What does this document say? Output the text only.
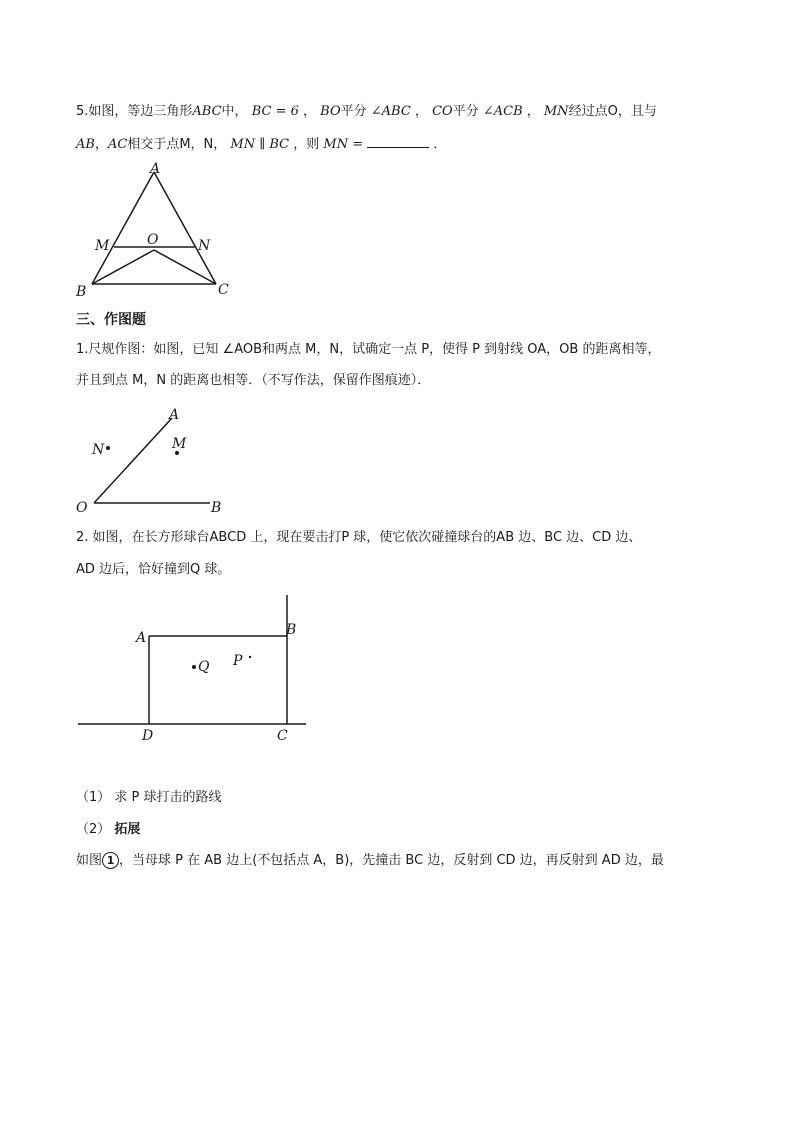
5.如图，等边三角形ABC中， BC = 6 ， BO平分 ∠ABC ， CO平分 ∠ACB ， MN经过点O，且与
AB，AC相交于点M，N， MN ∥ BC ，则 MN =	．
A
M	O	N
B	C
三、作图题
1.尺规作图：如图，已知 ∠AOB和两点 M，N，试确定一点 P，使得 P 到射线 OA，OB 的距离相等，
并且到点 M，N 的距离也相等．（不写作法，保留作图痕迹）．
A
N	M
O	B
2. 如图，在长方形球台ABCD 上，现在要击打P 球，使它依次碰撞球台的AB 边、BC 边、CD 边、
AD 边后，恰好撞到Q 球。
A	B
Q P
D	C
（1） 求 P 球打击的路线
（2） 拓展
如图 1 ，当母球 P 在 AB 边上(不包括点 A，B)，先撞击 BC 边，反射到 CD 边，再反射到 AD 边，最
